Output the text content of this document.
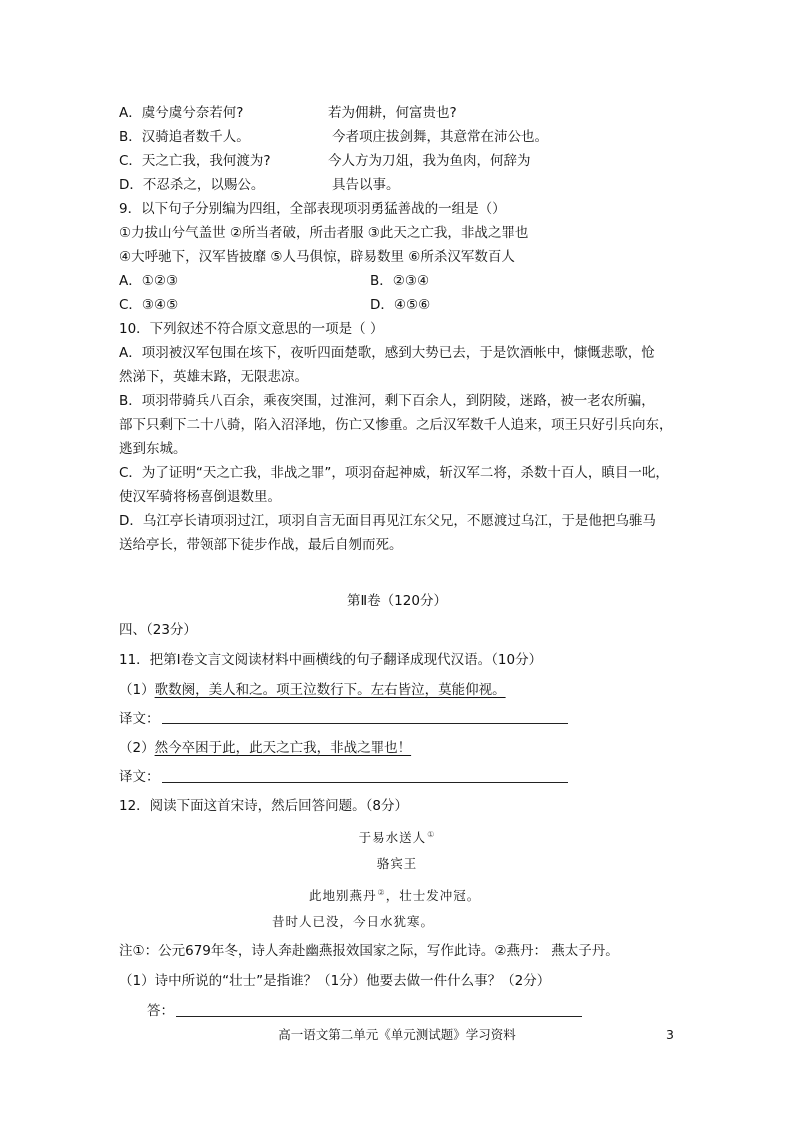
A．虞兮虞兮奈若何?	若为佣耕，何富贵也?
B．汉骑追者数千人。	今者项庄拔剑舞，其意常在沛公也。
C．天之亡我，我何渡为?	今人方为刀俎，我为鱼肉，何辞为
D．不忍杀之，以赐公。	具告以事。
9．以下句子分别编为四组，全部表现项羽勇猛善战的一组是（）
①力拔山兮气盖世 ②所当者破，所击者服 ③此天之亡我，非战之罪也
④大呼驰下，汉军皆披靡 ⑤人马俱惊，辟易数里 ⑥所杀汉军数百人
A．①②③	B．②③④
C．③④⑤	D．④⑤⑥
10．下列叙述不符合原文意思的一项是（ ）
A．项羽被汉军包围在垓下，夜听四面楚歌，感到大势已去，于是饮酒帐中，慷慨悲歌，怆
然涕下，英雄末路，无限悲凉。
B．项羽带骑兵八百余，乘夜突围，过淮河，剩下百余人，到阴陵，迷路，被一老农所骗，
部下只剩下二十八骑，陷入沼泽地，伤亡又惨重。之后汉军数千人追来，项王只好引兵向东，
逃到东城。
C．为了证明“天之亡我，非战之罪”，项羽奋起神威，斩汉军二将，杀数十百人，瞋目一叱，
使汉军骑将杨喜倒退数里。
D．乌江亭长请项羽过江，项羽自言无面目再见江东父兄，不愿渡过乌江，于是他把乌骓马
送给亭长，带领部下徒步作战，最后自刎而死。
第Ⅱ卷（120分）
四、（23分）
11．把第Ⅰ卷文言文阅读材料中画横线的句子翻译成现代汉语。（10分）
（1）歌数阕，美人和之。项王泣数行下。左右皆泣，莫能仰视。
译文：
（2）然今卒困于此，此天之亡我，非战之罪也！
译文：
12．阅读下面这首宋诗，然后回答问题。（8分）
于易水送人①
骆宾王
此地别燕丹②，壮士发冲冠。
昔时人已没，今日水犹寒。
注①：公元679年冬，诗人奔赴幽燕报效国家之际，写作此诗。②燕丹： 燕太子丹。
（1）诗中所说的“壮士”是指谁？（1分）他要去做一件什么事？（2分）
答：
高一语文第二单元《单元测试题》学习资料	3
